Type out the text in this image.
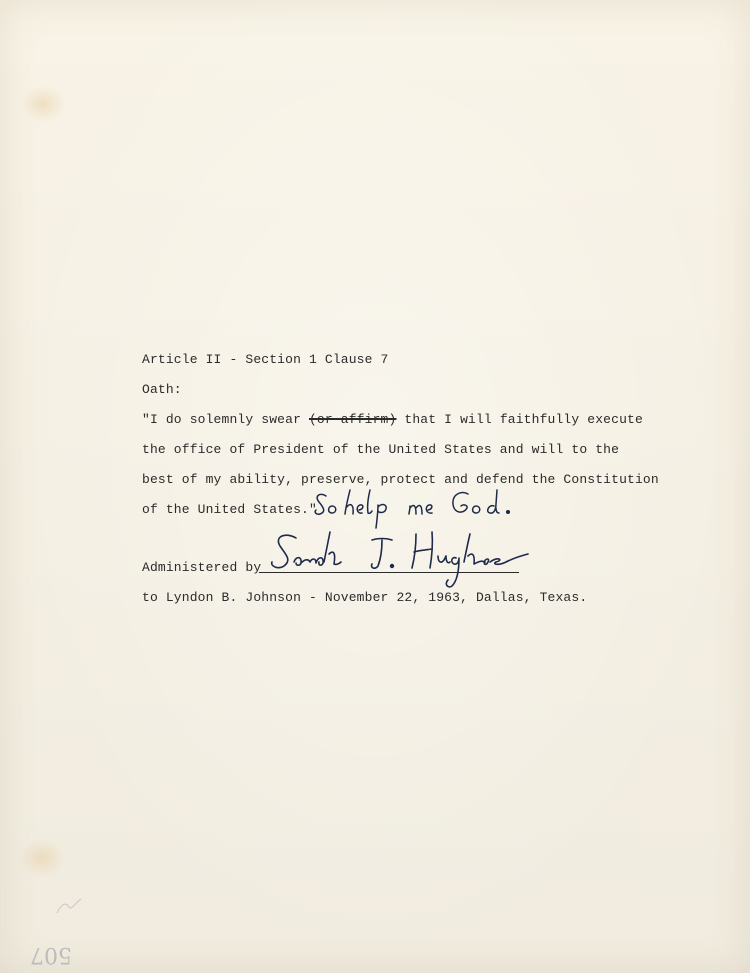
Article II - Section 1 Clause 7
Oath:
"I do solemnly swear (or affirm) that I will faithfully execute
the office of President of the United States and will to the
best of my ability, preserve, protect and defend the Constitution
of the United States."
Administered by
to Lyndon B. Johnson - November 22, 1963, Dallas, Texas.
507
